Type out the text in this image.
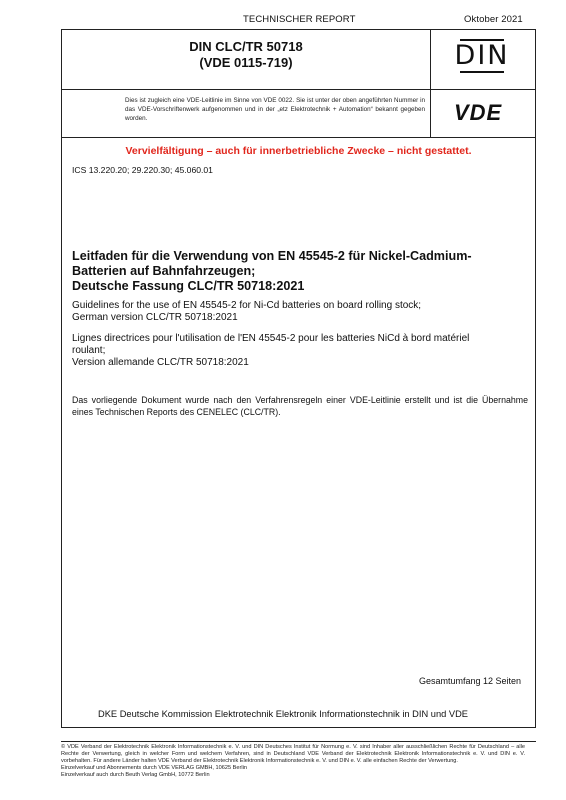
TECHNISCHER REPORT	Oktober 2021
DIN CLC/TR 50718
(VDE 0115-719)	DIN
Dies ist zugleich eine VDE-Leitlinie im Sinne von VDE 0022. Sie ist unter der oben angeführten Nummer in das VDE-Vorschriftenwerk aufgenommen und in der „etz Elektrotechnik + Automation“ bekannt gegeben worden.	VDE
Vervielfältigung – auch für innerbetriebliche Zwecke – nicht gestattet.
ICS 13.220.20; 29.220.30; 45.060.01
Leitfaden für die Verwendung von EN 45545-2 für Nickel-Cadmium-
Batterien auf Bahnfahrzeugen;
Deutsche Fassung CLC/TR 50718:2021
Guidelines for the use of EN 45545-2 for Ni-Cd batteries on board rolling stock;
German version CLC/TR 50718:2021
Lignes directrices pour l'utilisation de l'EN 45545-2 pour les batteries NiCd à bord matériel
roulant;
Version allemande CLC/TR 50718:2021
Das vorliegende Dokument wurde nach den Verfahrensregeln einer VDE-Leitlinie erstellt und ist die Übernahme eines Technischen Reports des CENELEC (CLC/TR).
Gesamtumfang 12 Seiten
DKE Deutsche Kommission Elektrotechnik Elektronik Informationstechnik in DIN und VDE
© VDE Verband der Elektrotechnik Elektronik Informationstechnik e. V. und DIN Deutsches Institut für Normung e. V. sind Inhaber aller ausschließlichen Rechte für Deutschland – alle Rechte der Verwertung, gleich in welcher Form und welchem Verfahren, sind in Deutschland VDE Verband der Elektrotechnik Elektronik Informationstechnik e. V. und DIN e. V. vorbehalten. Für andere Länder halten VDE Verband der Elektrotechnik Elektronik Informationstechnik e. V. und DIN e. V. alle einfachen Rechte der Verwertung.
Einzelverkauf und Abonnements durch VDE VERLAG GMBH, 10625 Berlin
Einzelverkauf auch durch Beuth Verlag GmbH, 10772 Berlin
